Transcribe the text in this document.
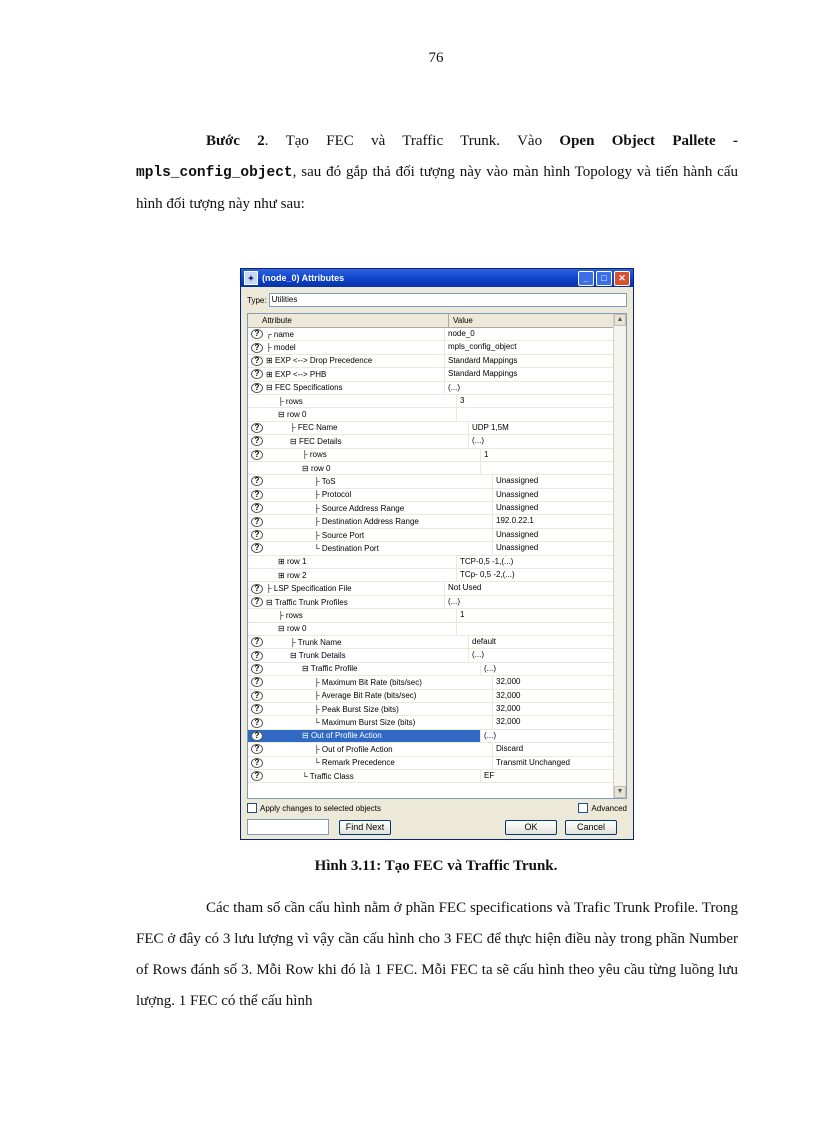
76
Bước 2. Tạo FEC và Traffic Trunk. Vào Open Object Pallete - mpls_config_object, sau đó gắp thả đối tượng này vào màn hình Topology và tiến hành cấu hình đối tượng này như sau:
✦ (node_0) Attributes	_	□	✕
Type: Utilities
Attribute	Value
? ┌ name	node_0
? ├ model	mpls_config_object
? ⊞ EXP <--> Drop Precedence	Standard Mappings
? ⊞ EXP <--> PHB	Standard Mappings
? ⊟ FEC Specifications	(...)
├ rows	3
⊟ row 0
?	├ FEC Name	UDP 1,5M
?	⊟ FEC Details	(...)
?	├ rows	1
⊟ row 0
?	├ ToS	Unassigned
?	├ Protocol	Unassigned
?	├ Source Address Range	Unassigned
?	├ Destination Address Range	192.0.22.1
?	├ Source Port	Unassigned
?	└ Destination Port	Unassigned
⊞ row 1	TCP-0,5 -1,(...)
⊞ row 2	TCp- 0,5 -2,(...)
? ├ LSP Specification File	Not Used
? ⊟ Traffic Trunk Profiles	(...)
├ rows	1
⊟ row 0
?	├ Trunk Name	default
?	⊟ Trunk Details	(...)
?	⊟ Traffic Profile	(...)
?	├ Maximum Bit Rate (bits/sec)	32,000
?	├ Average Bit Rate (bits/sec)	32,000
?	├ Peak Burst Size (bits)	32,000
?	└ Maximum Burst Size (bits)	32,000
?	⊟ Out of Profile Action	(...)
?	├ Out of Profile Action	Discard
?	└ Remark Precedence	Transmit Unchanged
?	└ Traffic Class	EF
▲
▼
Apply changes to selected objects	Advanced
Find Next	OK	Cancel
Hình 3.11: Tạo FEC và Traffic Trunk.
Các tham số cần cấu hình nằm ở phần FEC specifications và Trafic Trunk Profile. Trong FEC ở đây có 3 lưu lượng vì vậy cần cấu hình cho 3 FEC để thực hiện điều này trong phần Number of Rows đánh số 3. Mỗi Row khi đó là 1 FEC. Mỗi FEC ta sẽ cấu hình theo yêu cầu từng luồng lưu lượng. 1 FEC có thể cấu hình
